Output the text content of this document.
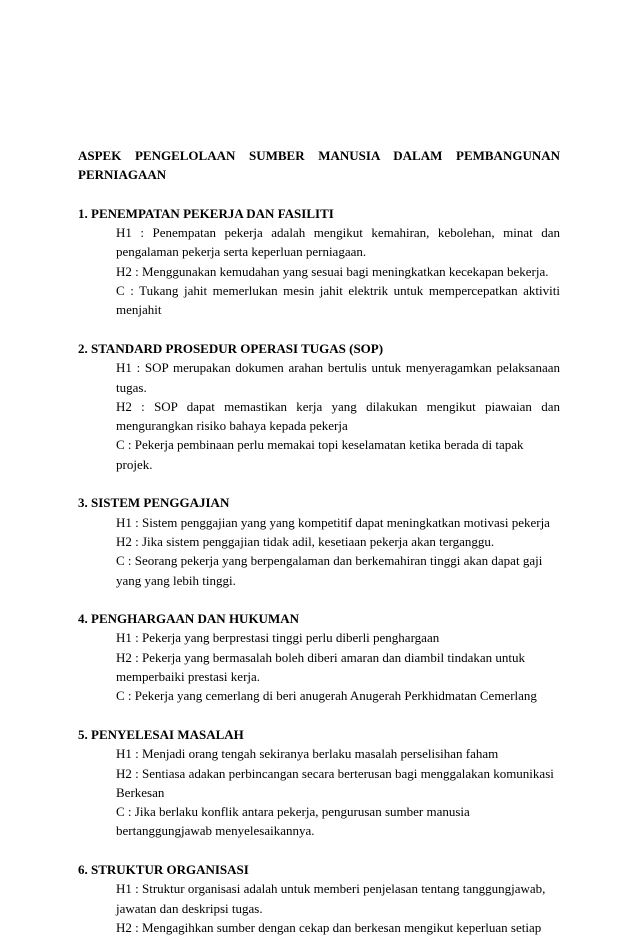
ASPEK PENGELOLAAN SUMBER MANUSIA DALAM PEMBANGUNAN
PERNIAGAAN

1. PENEMPATAN PEKERJA DAN FASILITI

H1 : Penempatan pekerja adalah mengikut kemahiran, kebolehan, minat dan pengalaman pekerja serta keperluan perniagaan.

H2 : Menggunakan kemudahan yang sesuai bagi meningkatkan kecekapan bekerja.

C : Tukang jahit memerlukan mesin jahit elektrik untuk mempercepatkan aktiviti menjahit

2. STANDARD PROSEDUR OPERASI TUGAS (SOP)

H1 : SOP merupakan dokumen arahan bertulis untuk menyeragamkan pelaksanaan tugas.

H2 : SOP dapat memastikan kerja yang dilakukan mengikut piawaian dan mengurangkan risiko bahaya kepada pekerja

C : Pekerja pembinaan perlu memakai topi keselamatan ketika berada di tapak projek.

3. SISTEM PENGGAJIAN

H1 : Sistem penggajian yang yang kompetitif dapat meningkatkan motivasi pekerja

H2 : Jika sistem penggajian tidak adil, kesetiaan pekerja akan terganggu.

C : Seorang pekerja yang berpengalaman dan berkemahiran tinggi akan dapat gaji yang yang lebih tinggi.

4. PENGHARGAAN DAN HUKUMAN

H1 : Pekerja yang berprestasi tinggi perlu diberli penghargaan

H2 : Pekerja yang bermasalah boleh diberi amaran dan diambil tindakan untuk memperbaiki prestasi kerja.

C : Pekerja yang cemerlang di beri anugerah Anugerah Perkhidmatan Cemerlang

5. PENYELESAI MASALAH

H1 : Menjadi orang tengah sekiranya berlaku masalah perselisihan faham

H2 : Sentiasa adakan perbincangan secara berterusan bagi menggalakan komunikasi Berkesan

C : Jika berlaku konflik antara pekerja, pengurusan sumber manusia bertanggungjawab menyelesaikannya.

6. STRUKTUR ORGANISASI

H1 : Struktur organisasi adalah untuk memberi penjelasan tentang tanggungjawab, jawatan dan deskripsi tugas.

H2 : Mengagihkan sumber dengan cekap dan berkesan mengikut keperluan setiap
